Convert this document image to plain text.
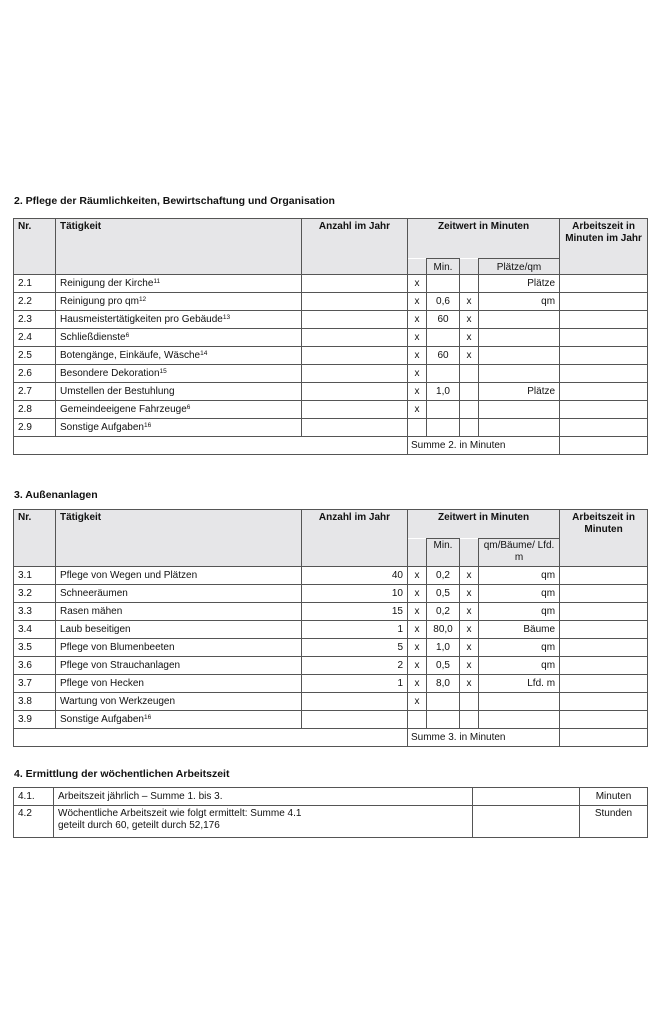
2. Pflege der Räumlichkeiten, Bewirtschaftung und Organisation
Nr.	Tätigkeit	Anzahl im Jahr	Zeitwert in Minuten				Arbeitszeit in Minuten im Jahr
				Min.		Plätze/qm	
2.1	Reinigung der Kirche$^{11}$		x			Plätze	
2.2	Reinigung pro $qm^{12}$		x	0,6	x	qm	
2.3	Hausmeistertätigkeiten pro Gebäude$^{13}$		x	60	x		
2.4	Schließdienste$^6$		x		x		
2.5	Botengänge, Einkäufe, Wäsche$^{14}$		x	60	x		
2.6	Besondere Dekoration$^{15}$		x				
2.7	Umstellen der Bestuhlung		x	1,0		Plätze	
2.8	Gemeindeeigene Fahrzeuge$^6$		x				
2.9	Sonstige Aufgaben$^{16}$						
			Summe 2. in Minuten				
3. Außenanlagen
Nr.	Tätigkeit	Anzahl im Jahr	Zeitwert in Minuten				Arbeitszeit in Minuten
				Min.		qm/Bäume/ Lfd. m	
3.1	Pflege von Wegen und Plätzen	40	x	0,2	x	qm	
3.2	Schneeräumen	10	x	0,5	x	qm	
3.3	Rasen mähen	15	x	0,2	x	qm	
3.4	Laub beseitigen	1	x	80,0	x	Bäume	
3.5	Pflege von Blumenbeeten	5	x	1,0	x	qm	
3.6	Pflege von Strauchanlagen	2	x	0,5	x	qm	
3.7	Pflege von Hecken	1	x	8,0	x	Lfd. m	
3.8	Wartung von Werkzeugen		x				
3.9	Sonstige Aufgaben$^{16}$						
			Summe 3. in Minuten				
4. Ermittlung der wöchentlichen Arbeitszeit
4.1.	Arbeitszeit jährlich – Summe 1. bis 3.		Minuten
4.2	Wöchentliche Arbeitszeit wie folgt ermittelt: Summe 4.1
geteilt durch 60, geteilt durch 52,176		Stunden
